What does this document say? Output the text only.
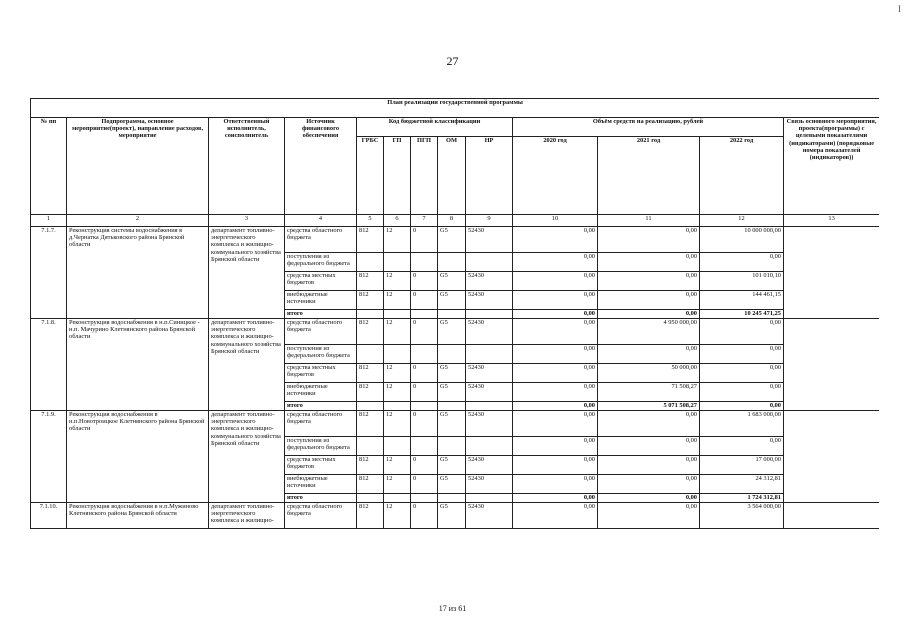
I
27
План реализации государственной программы												
№ пп	Подпрограмма, основное мероприятие(проект), направление расходов, мероприятие	Ответственный исполнитель, соисполнитель	Источник финансового обеспечения	Код бюджетной классификации					Объём средств на реализацию, рублей			Связь основного мероприятия, проекта(программы) с целевыми показателями (индикаторами) (порядковые номера показателей (индикаторов))
				ГРБС	ГП	ПГП	ОМ	НР	2020 год	2021 год	2022 год	
1	2	3	4	5	6	7	8	9	10	11	12	13
7.1.7.	Реконструкция системы водоснабжения в д.Чернатка Дятьковского района Брянской области	департамент топливно-энергетического комплекса и жилищно-коммунального хозяйства Брянской области	средства областного бюджета	812	12	0	G5	52430	0,00	0,00	10 000 000,00	
			поступления из федерального бюджета						0,00	0,00	0,00	
			средства местных бюджетов	812	12	0	G5	52430	0,00	0,00	101 010,10	
			внебюджетные источники	812	12	0	G5	52430	0,00	0,00	144 461,15	
			итого						0,00	0,00	10 245 471,25	
7.1.8.	Реконструкция водоснабжения в н.п.Синицкое - н.п. Мачурино Клетнянского района Брянской области	департамент топливно-энергетического комплекса и жилищно-коммунального хозяйства Брянской области	средства областного бюджета	812	12	0	G5	52430	0,00	4 950 000,00	0,00	
			поступления из федерального бюджета						0,00	0,00	0,00	
			средства местных бюджетов	812	12	0	G5	52430	0,00	50 000,00	0,00	
			внебюджетные источники	812	12	0	G5	52430	0,00	71 508,27	0,00	
			итого						0,00	5 071 508,27	0,00	
7.1.9.	Реконструкция водоснабжения в н.п.Новотроицкое Клетнянского района Брянской области	департамент топливно-энергетического комплекса и жилищно-коммунального хозяйства Брянской области	средства областного бюджета	812	12	0	G5	52430	0,00	0,00	1 683 000,00	
			поступления из федерального бюджета						0,00	0,00	0,00	
			средства местных бюджетов	812	12	0	G5	52430	0,00	0,00	17 000,00	
			внебюджетные источники	812	12	0	G5	52430	0,00	0,00	24 312,81	
			итого						0,00	0,00	1 724 312,81	
7.1.10.	Реконструкция водоснабжения в н.п.Мужиново Клетнянского района Брянской области	департамент топливно-энергетического комплекса и жилищно-	средства областного бюджета	812	12	0	G5	52430	0,00	0,00	3 564 000,00	
17 из 61
